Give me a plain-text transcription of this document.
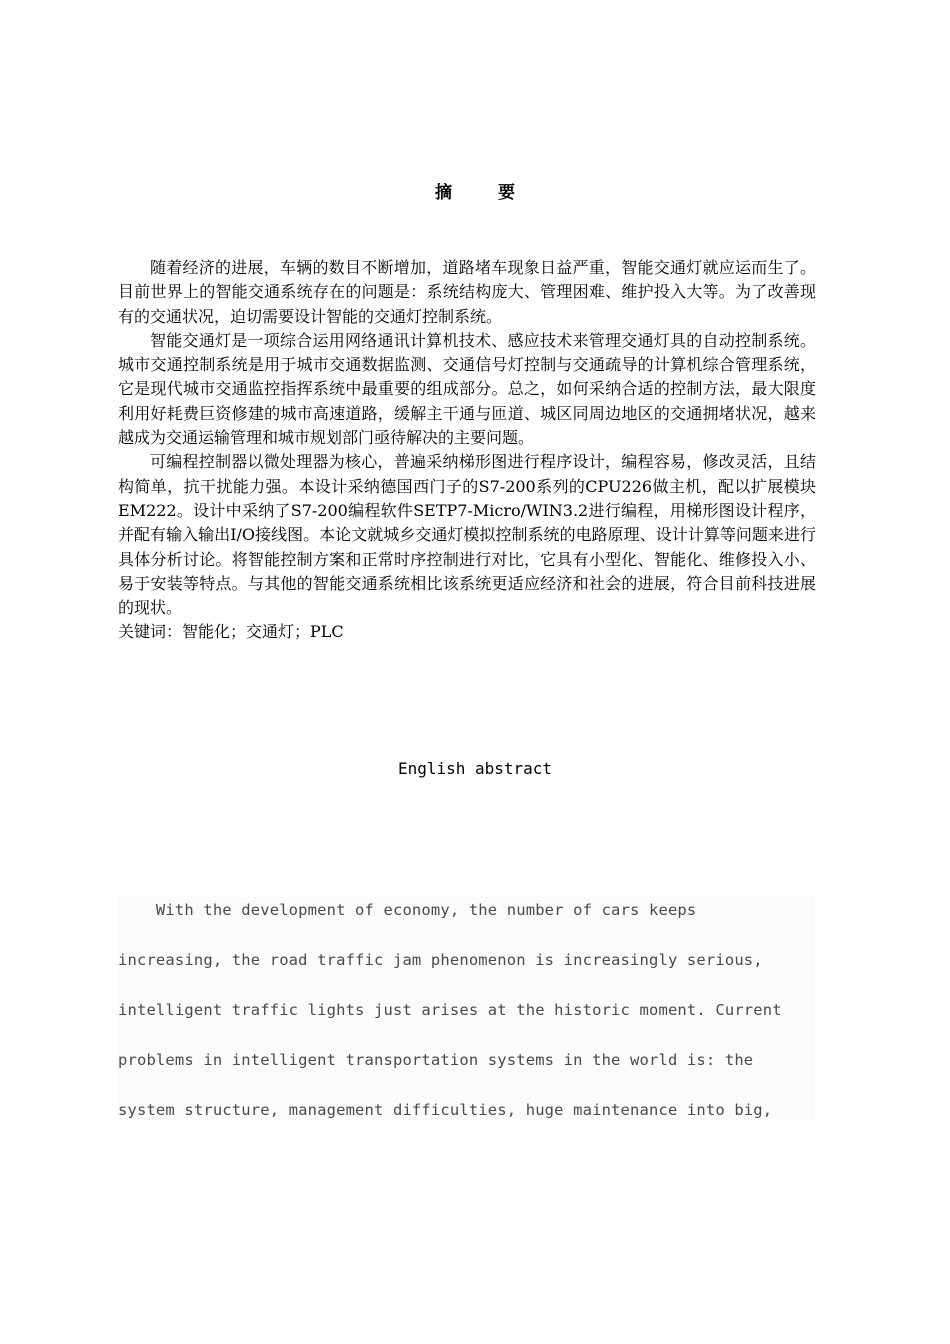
摘 要

随着经济的进展，车辆的数目不断增加，道路堵车现象日益严重，智能交通灯就应运而生了。目前世界上的智能交通系统存在的问题是：系统结构庞大、管理困难、维护投入大等。为了改善现有的交通状况，迫切需要设计智能的交通灯控制系统。

智能交通灯是一项综合运用网络通讯计算机技术、感应技术来管理交通灯具的自动控制系统。城市交通控制系统是用于城市交通数据监测、交通信号灯控制与交通疏导的计算机综合管理系统，它是现代城市交通监控指挥系统中最重要的组成部分。总之，如何采纳合适的控制方法，最大限度利用好耗费巨资修建的城市高速道路，缓解主干通与匝道、城区同周边地区的交通拥堵状况，越来越成为交通运输管理和城市规划部门亟待解决的主要问题。

可编程控制器以微处理器为核心，普遍采纳梯形图进行程序设计，编程容易，修改灵活，且结构简单，抗干扰能力强。本设计采纳德国西门子的S7-200系列的CPU226做主机，配以扩展模块EM222。设计中采纳了S7-200编程软件SETP7-Micro/WIN3.2进行编程，用梯形图设计程序，并配有输入输出I/O接线图。本论文就城乡交通灯模拟控制系统的电路原理、设计计算等问题来进行具体分析讨论。将智能控制方案和正常时序控制进行对比，它具有小型化、智能化、维修投入小、易于安装等特点。与其他的智能交通系统相比该系统更适应经济和社会的进展，符合目前科技进展的现状。

关键词：智能化；交通灯；PLC

English abstract
With the development of economy, the number of cars keeps
increasing, the road traffic jam phenomenon is increasingly serious,
intelligent traffic lights just arises at the historic moment. Current
problems in intelligent transportation systems in the world is: the
system structure, management difficulties, huge maintenance into big,
